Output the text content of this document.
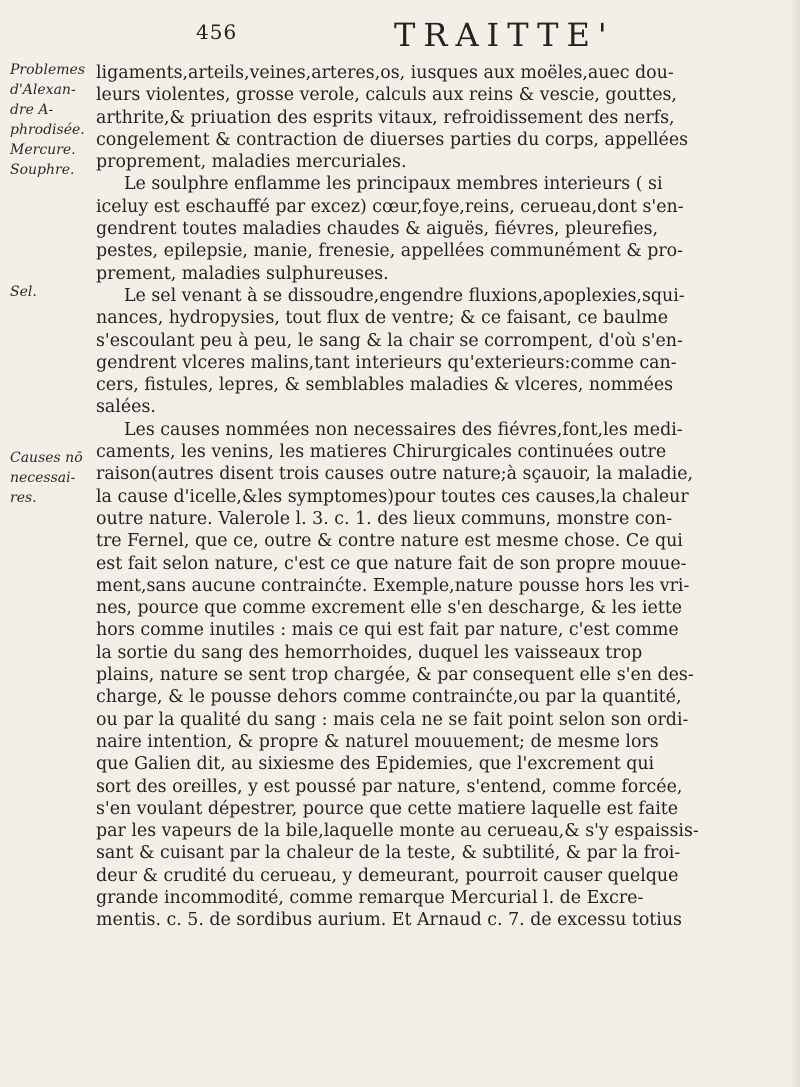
456	TRAITTE'
Problemes
d'Alexan-
dre A-
phrodisée.
Mercure.
Souphre.
Sel.
Causes nō
necessai-
res.
ligaments,arteils,veines,arteres,os, iusques aux moëles,auec dou-
leurs violentes, grosse verole, calculs aux reins & vescie, gouttes,
arthrite,& priuation des esprits vitaux, refroidissement des nerfs,
congelement & contraction de diuerses parties du corps, appellées
proprement, maladies mercuriales.
Le soulphre enflamme les principaux membres interieurs ( si
iceluy est eschauffé par excez) cœur,foye,reins, cerueau,dont s'en-
gendrent toutes maladies chaudes & aiguës, fiévres, pleurefies,
pestes, epilepsie, manie, frenesie, appellées communément & pro-
prement, maladies sulphureuses.
Le sel venant à se dissoudre,engendre fluxions,apoplexies,squi-
nances, hydropysies, tout flux de ventre; & ce faisant, ce baulme
s'escoulant peu à peu, le sang & la chair se corrompent, d'où s'en-
gendrent vlceres malins,tant interieurs qu'exterieurs:comme can-
cers, fistules, lepres, & semblables maladies & vlceres, nommées
salées.
Les causes nommées non necessaires des fiévres,font,les medi-
caments, les venins, les matieres Chirurgicales continuées outre
raison(autres disent trois causes outre nature;à sçauoir, la maladie,
la cause d'icelle,&les symptomes)pour toutes ces causes,la chaleur
outre nature. Valerole l. 3. c. 1. des lieux communs, monstre con-
tre Fernel, que ce, outre & contre nature est mesme chose. Ce qui
est fait selon nature, c'est ce que nature fait de son propre mouue-
ment,sans aucune contrainćte. Exemple,nature pousse hors les vri-
nes, pource que comme excrement elle s'en descharge, & les iette
hors comme inutiles : mais ce qui est fait par nature, c'est comme
la sortie du sang des hemorrhoides, duquel les vaisseaux trop
plains, nature se sent trop chargée, & par consequent elle s'en des-
charge, & le pousse dehors comme contrainćte,ou par la quantité,
ou par la qualité du sang : mais cela ne se fait point selon son ordi-
naire intention, & propre & naturel mouuement; de mesme lors
que Galien dit, au sixiesme des Epidemies, que l'excrement qui
sort des oreilles, y est poussé par nature, s'entend, comme forcée,
s'en voulant dépestrer, pource que cette matiere laquelle est faite
par les vapeurs de la bile,laquelle monte au cerueau,& s'y espaissis-
sant & cuisant par la chaleur de la teste, & subtilité, & par la froi-
deur & crudité du cerueau, y demeurant, pourroit causer quelque
grande incommodité, comme remarque Mercurial l. de Excre-
mentis. c. 5. de sordibus aurium. Et Arnaud c. 7. de excessu totius
